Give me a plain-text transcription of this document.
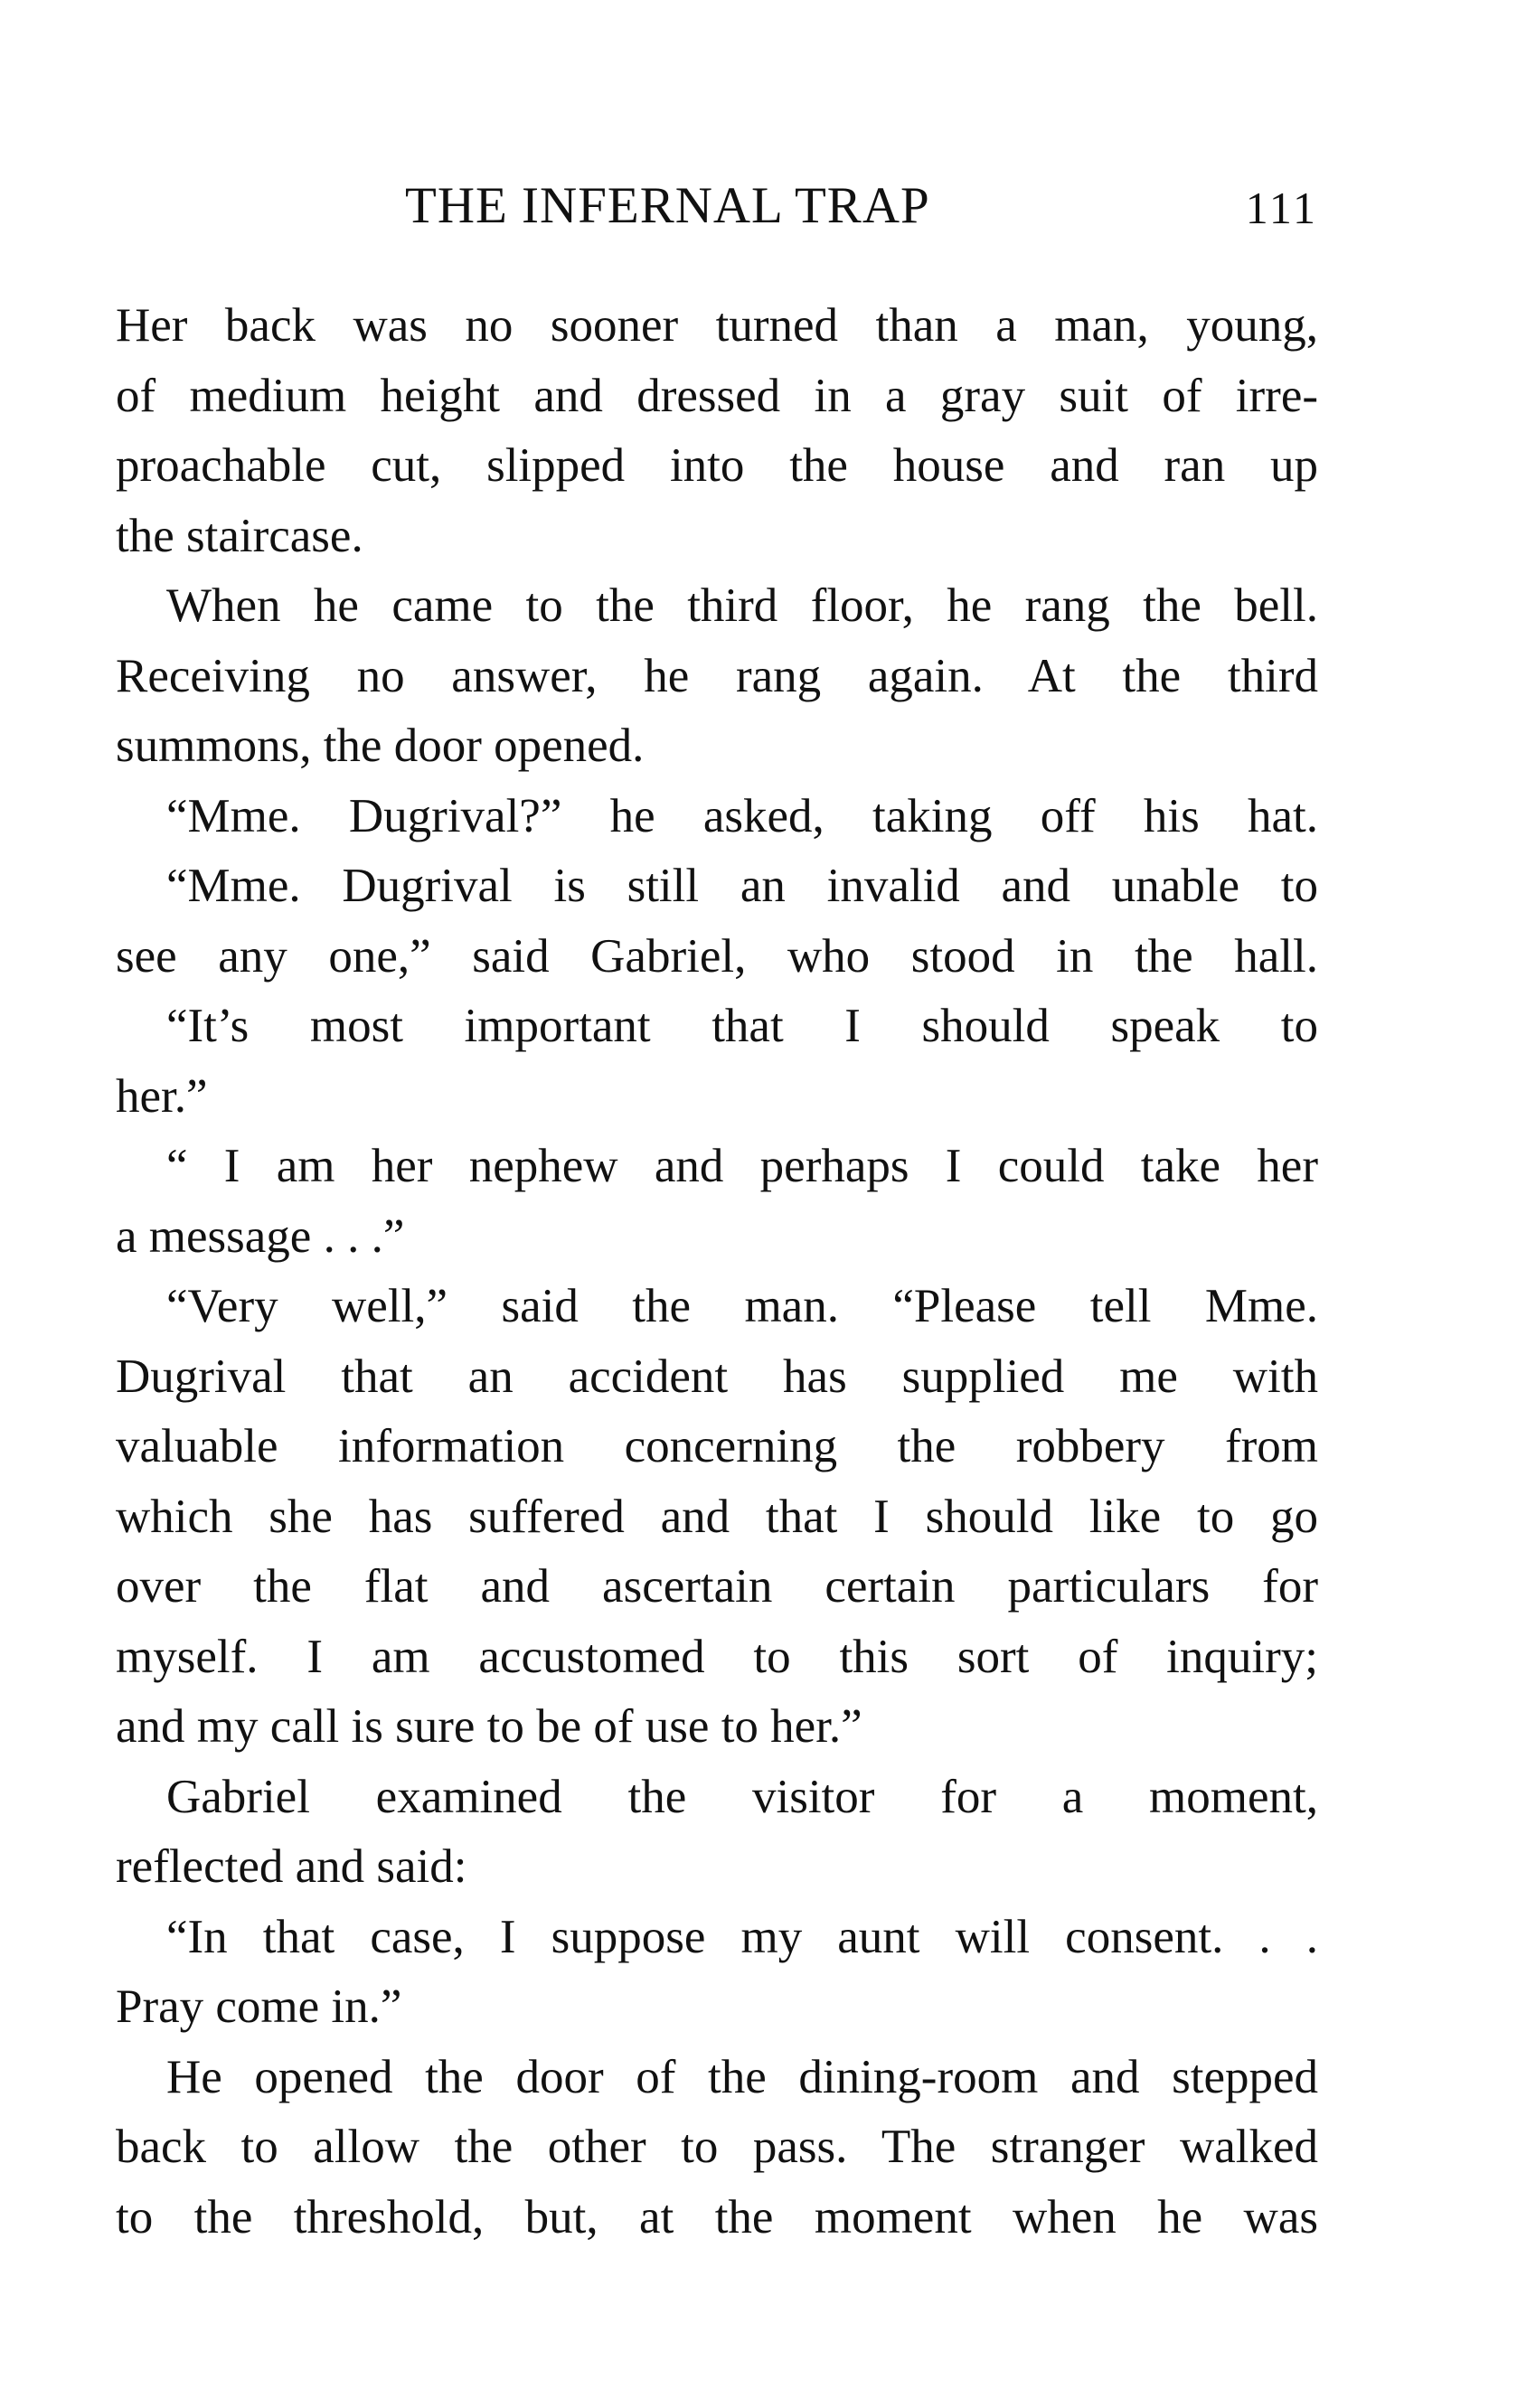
THE INFERNAL TRAP	111
Her back was no sooner turned than a man, young,
of medium height and dressed in a gray suit of irre-
proachable cut, slipped into the house and ran up
the staircase.
When he came to the third floor, he rang the bell.
Receiving no answer, he rang again. At the third
summons, the door opened.
“Mme. Dugrival?” he asked, taking off his hat.
“Mme. Dugrival is still an invalid and unable to
see any one,” said Gabriel, who stood in the hall.
“It’s most important that I should speak to
her.”
“ I am her nephew and perhaps I could take her
a message . . .”
“Very well,” said the man. “Please tell Mme.
Dugrival that an accident has supplied me with
valuable information concerning the robbery from
which she has suffered and that I should like to go
over the flat and ascertain certain particulars for
myself. I am accustomed to this sort of inquiry;
and my call is sure to be of use to her.”
Gabriel examined the visitor for a moment,
reflected and said:
“In that case, I suppose my aunt will consent. . .
Pray come in.”
He opened the door of the dining-room and stepped
back to allow the other to pass. The stranger walked
to the threshold, but, at the moment when he was
